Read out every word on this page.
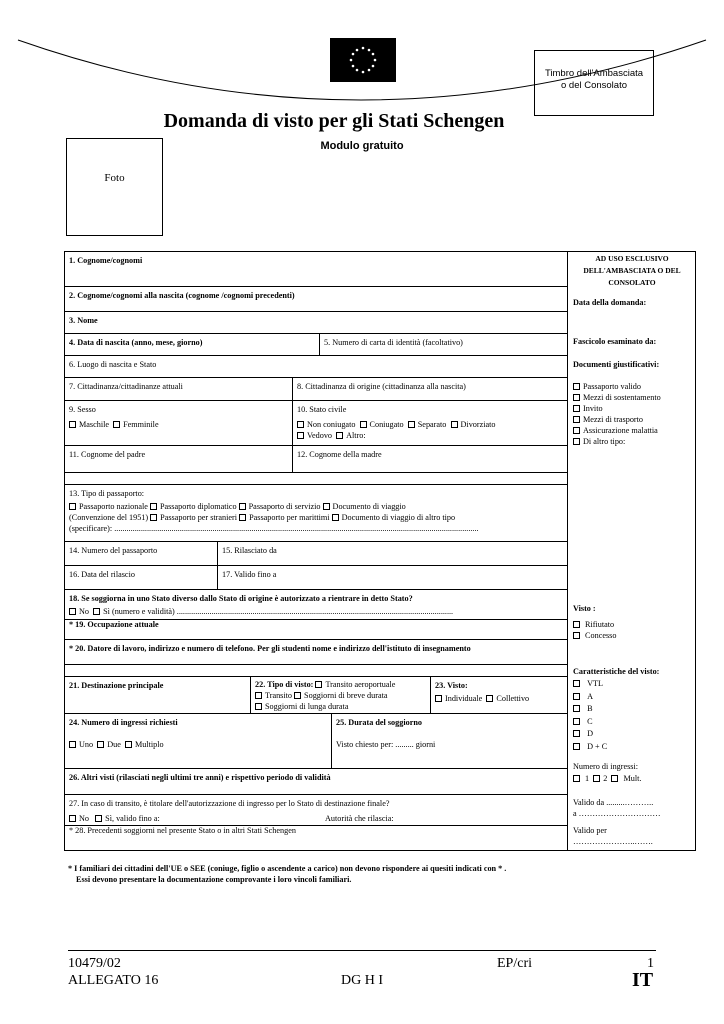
Timbro dell'Ambasciata
o del Consolato
Domanda di visto per gli Stati Schengen
Modulo gratuito
Foto
1. Cognome/cognomi
2. Cognome/cognomi alla nascita (cognome /cognomi precedenti)
3. Nome
4. Data di nascita (anno, mese, giorno)	5. Numero di carta di identità (facoltativo)
6. Luogo di nascita e Stato
7. Cittadinanza/cittadinanze attuali	8. Cittadinanza di origine (cittadinanza alla nascita)
9. Sesso
Maschile Femminile
10. Stato civile
Non coniugato Coniugato Separato Divorziato
Vedovo Altro:
11. Cognome del padre	12. Cognome della madre
13. Tipo di passaporto:
Passaporto nazionale Passaporto diplomatico Passaporto di servizio Documento di viaggio
(Convenzione del 1951) Passaporto per stranieri Passaporto per marittimi Documento di viaggio di altro tipo
(specificare): ..................................................................................................................................................................................
14. Numero del passaporto	15. Rilasciato da
16. Data del rilascio	17. Valido fino a
18. Se soggiorna in uno Stato diverso dallo Stato di origine è autorizzato a rientrare in detto Stato?
No Sì (numero e validità) .......................................................................................................................................
* 19. Occupazione attuale
* 20. Datore di lavoro, indirizzo e numero di telefono. Per gli studenti nome e indirizzo dell'istituto di insegnamento
21. Destinazione principale	22. Tipo di visto: Transito aeroportuale
Transito Soggiorni di breve durata
Soggiorni di lunga durata
23. Visto:
Individuale Collettivo
24. Numero di ingressi richiesti
Uno Due Multiplo
25. Durata del soggiorno
Visto chiesto per: ......... giorni
26. Altri visti (rilasciati negli ultimi tre anni) e rispettivo periodo di validità
27. In caso di transito, è titolare dell'autorizzazione di ingresso per lo Stato di destinazione finale?
No Sì, valido fino a:	Autorità che rilascia:
* 28. Precedenti soggiorni nel presente Stato o in altri Stati Schengen
AD USO ESCLUSIVO
DELL'AMBASCIATA O DEL
CONSOLATO
Data della domanda:
Fascicolo esaminato da:
Documenti giustificativi:
Passaporto valido
Mezzi di sostentamento
Invito
Mezzi di trasporto
Assicurazione malattia
Di altro tipo:
Visto :
Rifiutato
Concesso
Caratteristiche del visto:
VTL
A
B
C
D
D + C
Numero di ingressi:
1 2 Mult.
Valido da .........………..
a …………………………
Valido per
…………………..…….
* I familiari dei cittadini dell'UE o SEE (coniuge, figlio o ascendente a carico) non devono rispondere ai quesiti indicati con * .
Essi devono presentare la documentazione comprovante i loro vincoli familiari.
10479/02
ALLEGATO 16
EP/cri
DG H I
1
IT
